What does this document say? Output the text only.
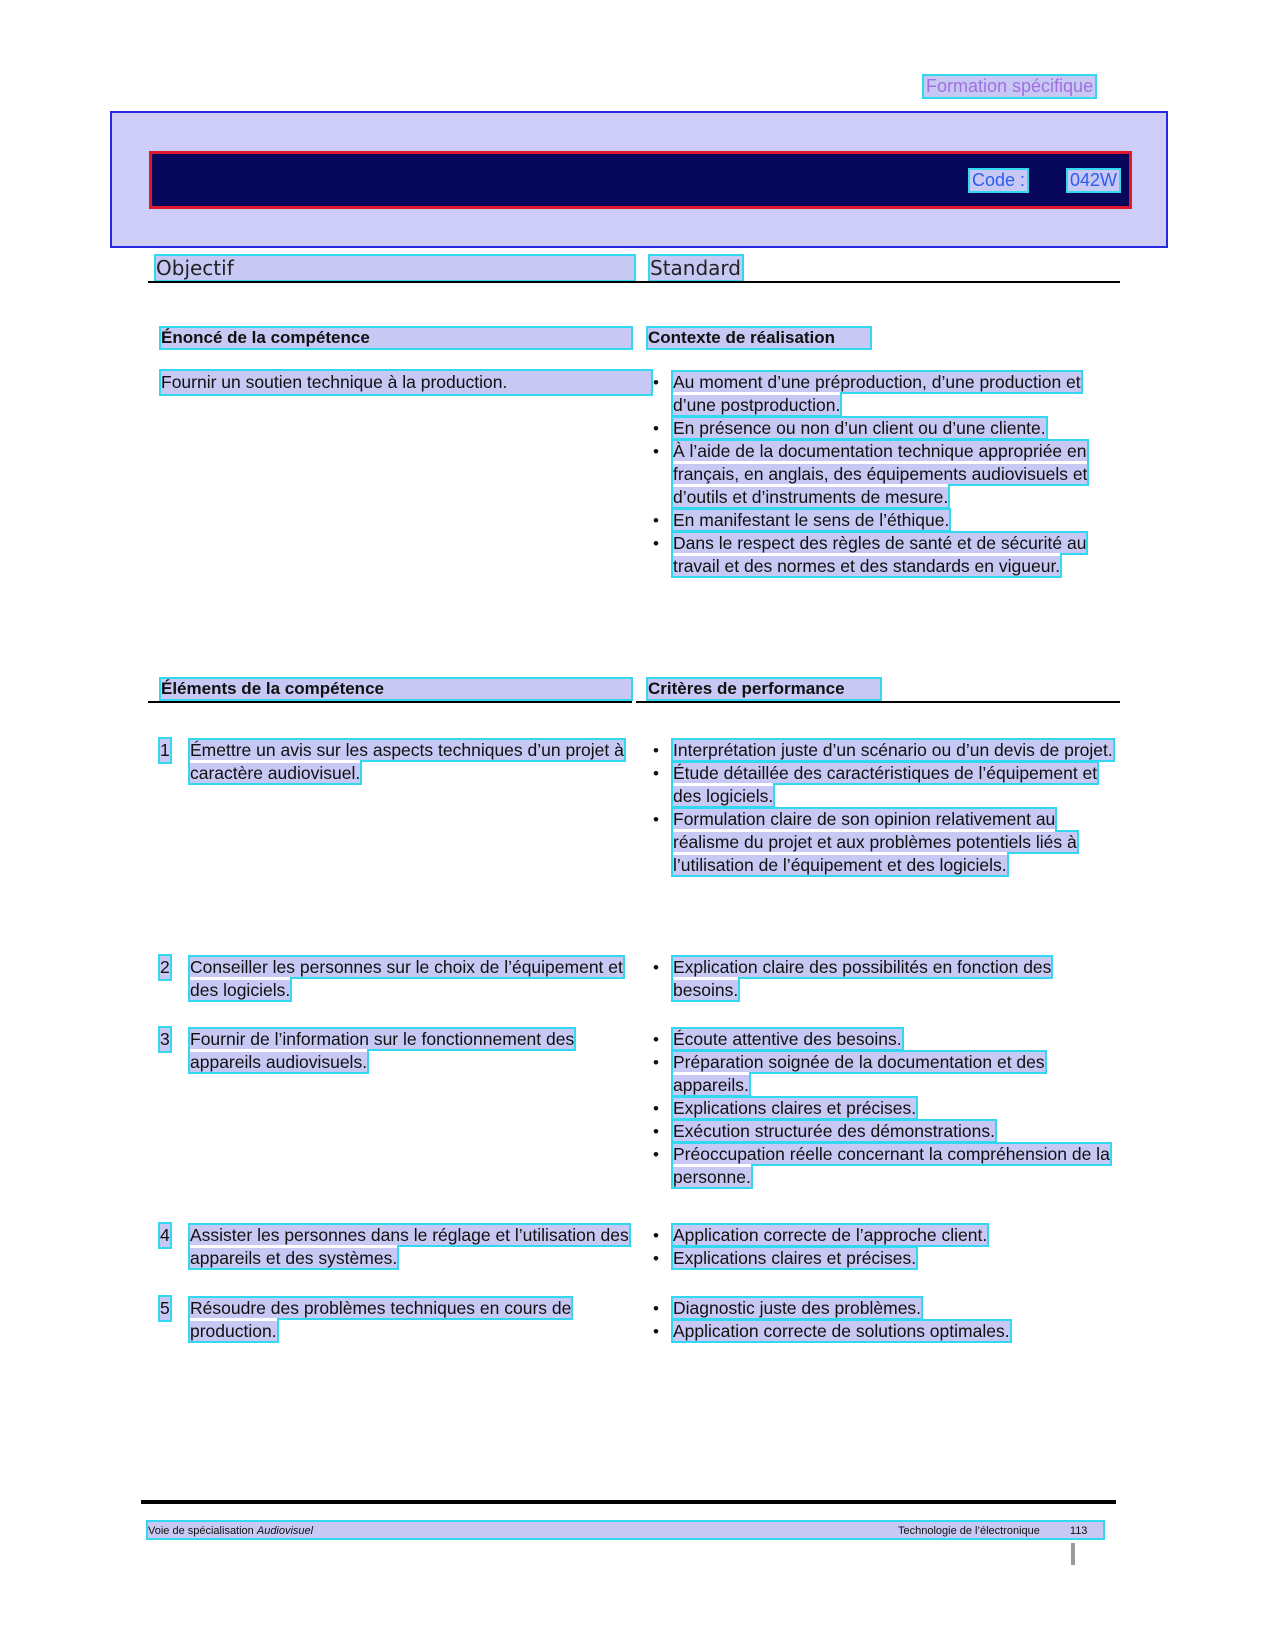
Formation spécifique
Code : 042W
Objectif	Standard
Énoncé de la compétence	Contexte de réalisation
Fournir un soutien technique à la production.	• Au moment d’une préproduction, d’une production et d’une postproduction.
• En présence ou non d’un client ou d’une cliente.
• À l’aide de la documentation technique appropriée en français, en anglais, des équipements audiovisuels et d’outils et d’instruments de mesure.
• En manifestant le sens de l’éthique.
• Dans le respect des règles de santé et de sécurité au travail et des normes et des standards en vigueur.
Éléments de la compétence	Critères de performance
1 Émettre un avis sur les aspects techniques d’un projet à caractère audiovisuel.
• Interprétation juste d’un scénario ou d’un devis de projet.
• Étude détaillée des caractéristiques de l’équipement et des logiciels.
• Formulation claire de son opinion relativement au réalisme du projet et aux problèmes potentiels liés à l’utilisation de l’équipement et des logiciels.
2 Conseiller les personnes sur le choix de l’équipement et des logiciels.
• Explication claire des possibilités en fonction des besoins.
3 Fournir de l’information sur le fonctionnement des appareils audiovisuels.
• Écoute attentive des besoins.
• Préparation soignée de la documentation et des appareils.
• Explications claires et précises.
• Exécution structurée des démonstrations.
• Préoccupation réelle concernant la compréhension de la personne.
4 Assister les personnes dans le réglage et l’utilisation des appareils et des systèmes.
• Application correcte de l’approche client.
• Explications claires et précises.
5 Résoudre des problèmes techniques en cours de production.
• Diagnostic juste des problèmes.
• Application correcte de solutions optimales.
Voie de spécialisation Audiovisuel	Technologie de l’électronique	113
